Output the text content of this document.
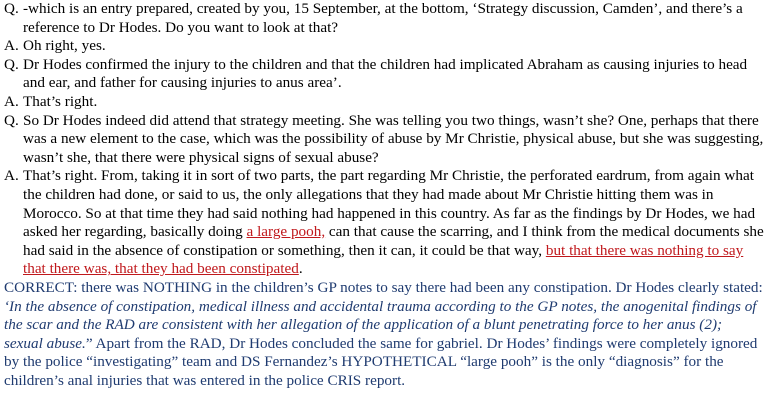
Q. -which is an entry prepared, created by you, 15 September, at the bottom, ‘Strategy discussion, Camden’, and there’s a reference to Dr Hodes. Do you want to look at that?

A. Oh right, yes.

Q. Dr Hodes confirmed the injury to the children and that the children had implicated Abraham as causing injuries to head and ear, and father for causing injuries to anus area’.

A. That’s right.

Q. So Dr Hodes indeed did attend that strategy meeting. She was telling you two things, wasn’t she? One, perhaps that there was a new element to the case, which was the possibility of abuse by Mr Christie, physical abuse, but she was suggesting, wasn’t she, that there were physical signs of sexual abuse?

A. That’s right. From, taking it in sort of two parts, the part regarding Mr Christie, the perforated eardrum, from again what the children had done, or said to us, the only allegations that they had made about Mr Christie hitting them was in Morocco. So at that time they had said nothing had happened in this country. As far as the findings by Dr Hodes, we had asked her regarding, basically doing a large pooh, can that cause the scarring, and I think from the medical documents she had said in the absence of constipation or something, then it can, it could be that way, but that there was nothing to say that there was, that they had been constipated.

CORRECT: there was NOTHING in the children’s GP notes to say there had been any constipation. Dr Hodes clearly stated: ‘In the absence of constipation, medical illness and accidental trauma according to the GP notes, the anogenital findings of the scar and the RAD are consistent with her allegation of the application of a blunt penetrating force to her anus (2); sexual abuse.” Apart from the RAD, Dr Hodes concluded the same for gabriel. Dr Hodes’ findings were completely ignored by the police “investigating” team and DS Fernandez’s HYPOTHETICAL “large pooh” is the only “diagnosis” for the children’s anal injuries that was entered in the police CRIS report.
